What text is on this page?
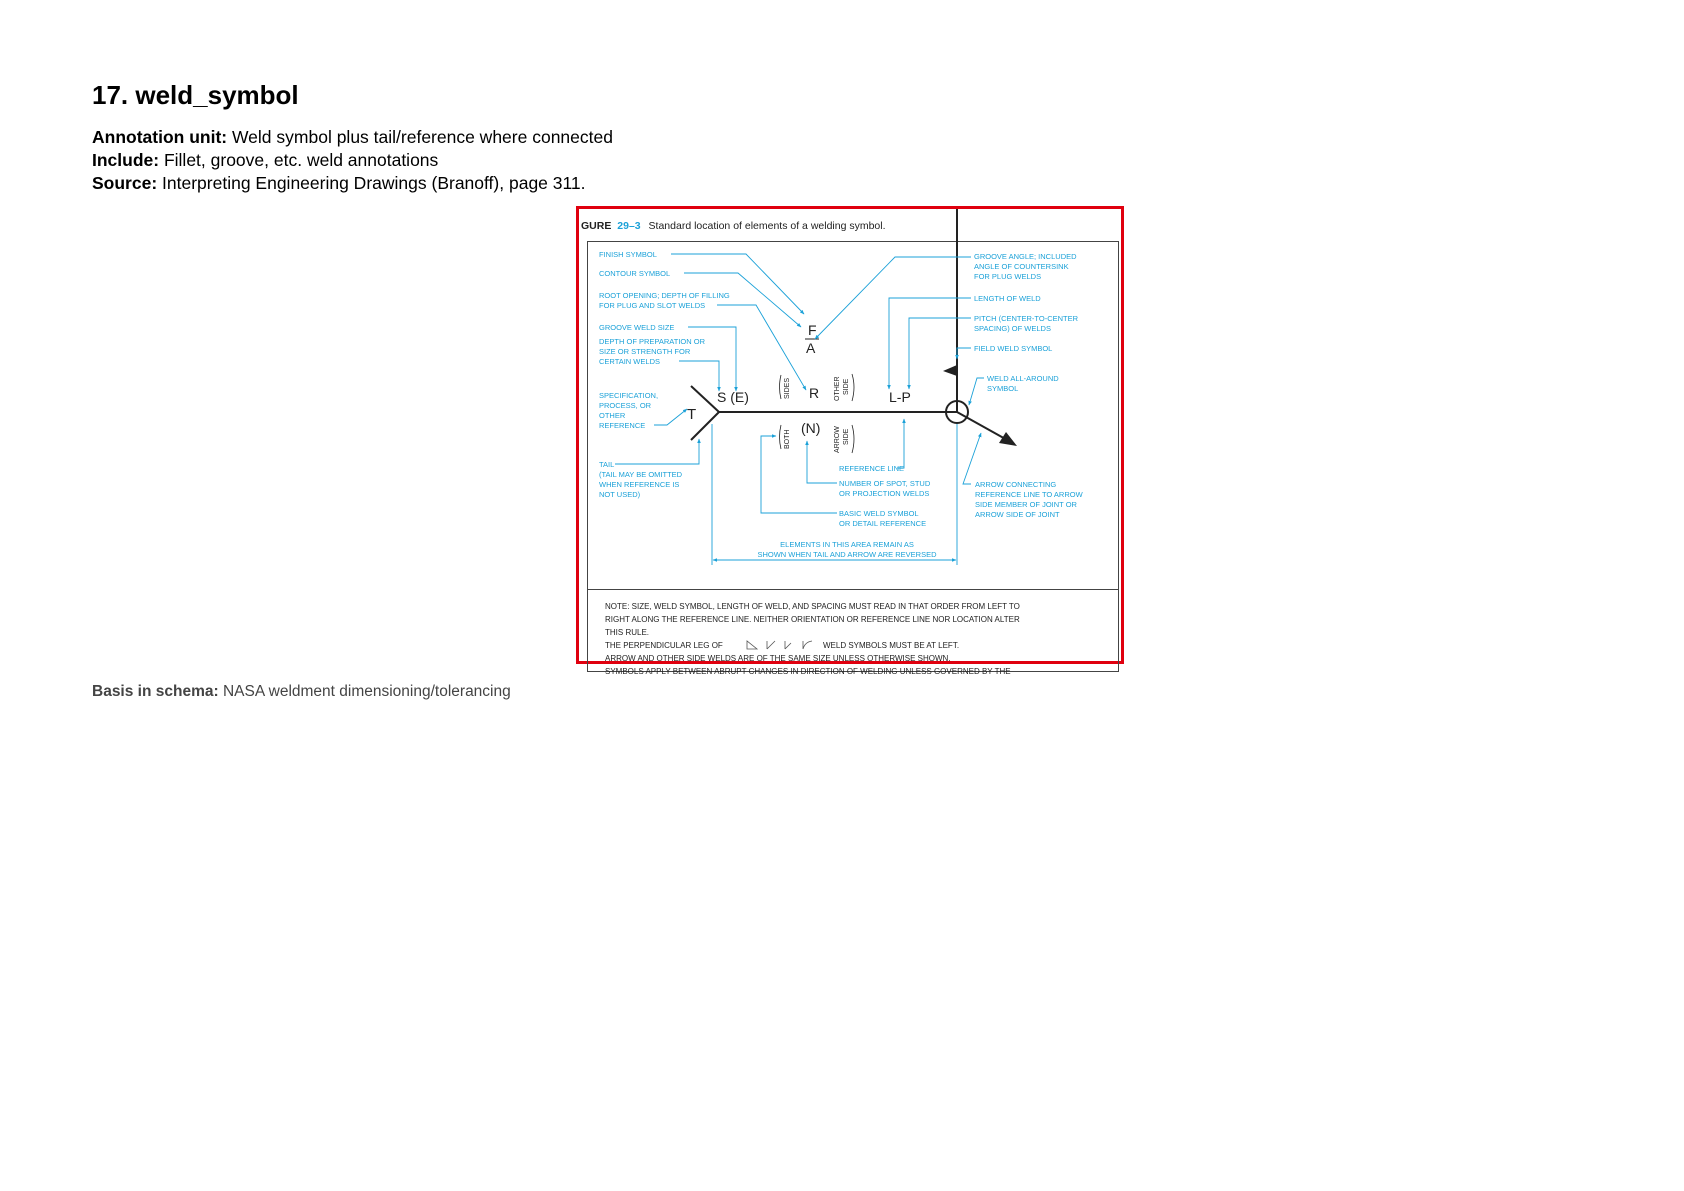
17. weld_symbol
Annotation unit: Weld symbol plus tail/reference where connected
Include: Fillet, groove, etc. weld annotations
Source: Interpreting Engineering Drawings (Branoff), page 311.
GURE 29–3 Standard location of elements of a welding symbol.
T
S (E)	R
F
A
L-P
(N)
SIDES
BOTH
OTHER SIDE
ARROW SIDE
FINISH SYMBOL
CONTOUR SYMBOL
ROOT OPENING; DEPTH OF FILLING
FOR PLUG AND SLOT WELDS
GROOVE WELD SIZE
DEPTH OF PREPARATION OR
SIZE OR STRENGTH FOR
CERTAIN WELDS
SPECIFICATION,
PROCESS, OR
OTHER
REFERENCE
TAIL
(TAIL MAY BE OMITTED
WHEN REFERENCE IS
NOT USED)
GROOVE ANGLE; INCLUDED
ANGLE OF COUNTERSINK
FOR PLUG WELDS
LENGTH OF WELD
PITCH (CENTER-TO-CENTER
SPACING) OF WELDS
FIELD WELD SYMBOL
WELD ALL-AROUND
SYMBOL
ARROW CONNECTING
REFERENCE LINE TO ARROW
SIDE MEMBER OF JOINT OR
ARROW SIDE OF JOINT
REFERENCE LINE
NUMBER OF SPOT, STUD
OR PROJECTION WELDS
BASIC WELD SYMBOL
OR DETAIL REFERENCE
ELEMENTS IN THIS AREA REMAIN AS
SHOWN WHEN TAIL AND ARROW ARE REVERSED
NOTE: SIZE, WELD SYMBOL, LENGTH OF WELD, AND SPACING MUST READ IN THAT ORDER FROM LEFT TO
RIGHT ALONG THE REFERENCE LINE. NEITHER ORIENTATION OR REFERENCE LINE NOR LOCATION ALTER
THIS RULE.
THE PERPENDICULAR LEG OF	WELD SYMBOLS MUST BE AT LEFT.
ARROW AND OTHER SIDE WELDS ARE OF THE SAME SIZE UNLESS OTHERWISE SHOWN.
SYMBOLS APPLY BETWEEN ABRUPT CHANGES IN DIRECTION OF WELDING UNLESS GOVERNED BY THE
Basis in schema: NASA weldment dimensioning/tolerancing
